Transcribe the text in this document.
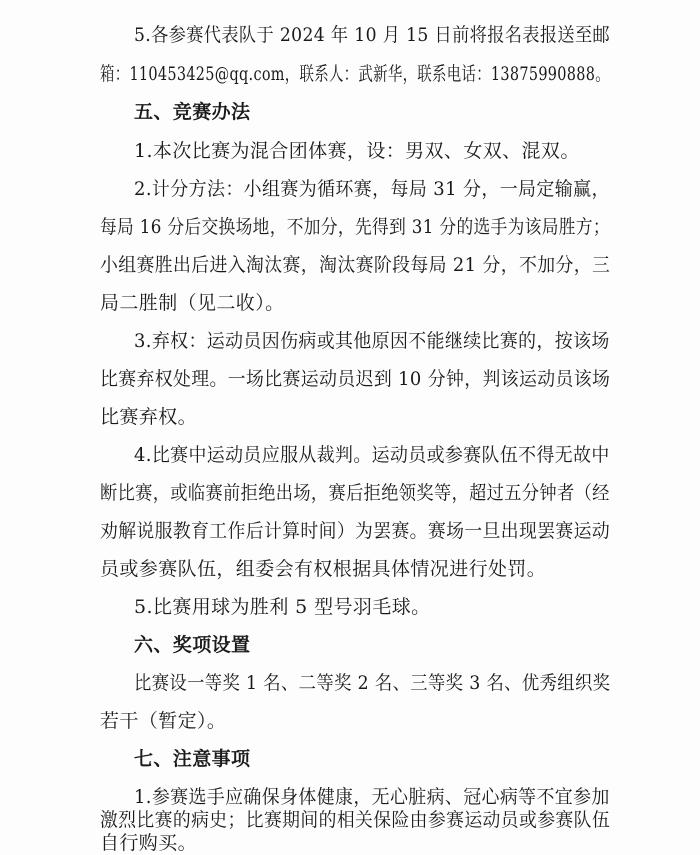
5.各参赛代表队于 2024 年 10 月 15 日前将报名表报送至邮
箱：110453425@qq.com，联系人：武新华，联系电话：13875990888。
五、竞赛办法
1.本次比赛为混合团体赛，设：男双、女双、混双。
2.计分方法：小组赛为循环赛，每局 31 分，一局定输赢，
每局 16 分后交换场地，不加分，先得到 31 分的选手为该局胜方；
小组赛胜出后进入淘汰赛，淘汰赛阶段每局 21 分，不加分，三
局二胜制（见二收）。
3.弃权：运动员因伤病或其他原因不能继续比赛的，按该场
比赛弃权处理。一场比赛运动员迟到 10 分钟，判该运动员该场
比赛弃权。
4.比赛中运动员应服从裁判。运动员或参赛队伍不得无故中
断比赛，或临赛前拒绝出场，赛后拒绝领奖等，超过五分钟者（经
劝解说服教育工作后计算时间）为罢赛。赛场一旦出现罢赛运动
员或参赛队伍，组委会有权根据具体情况进行处罚。
5.比赛用球为胜利 5 型号羽毛球。
六、奖项设置
比赛设一等奖 1 名、二等奖 2 名、三等奖 3 名、优秀组织奖
若干（暂定）。
七、注意事项
1.参赛选手应确保身体健康，无心脏病、冠心病等不宜参加
激烈比赛的病史；比赛期间的相关保险由参赛运动员或参赛队伍
自行购买。
